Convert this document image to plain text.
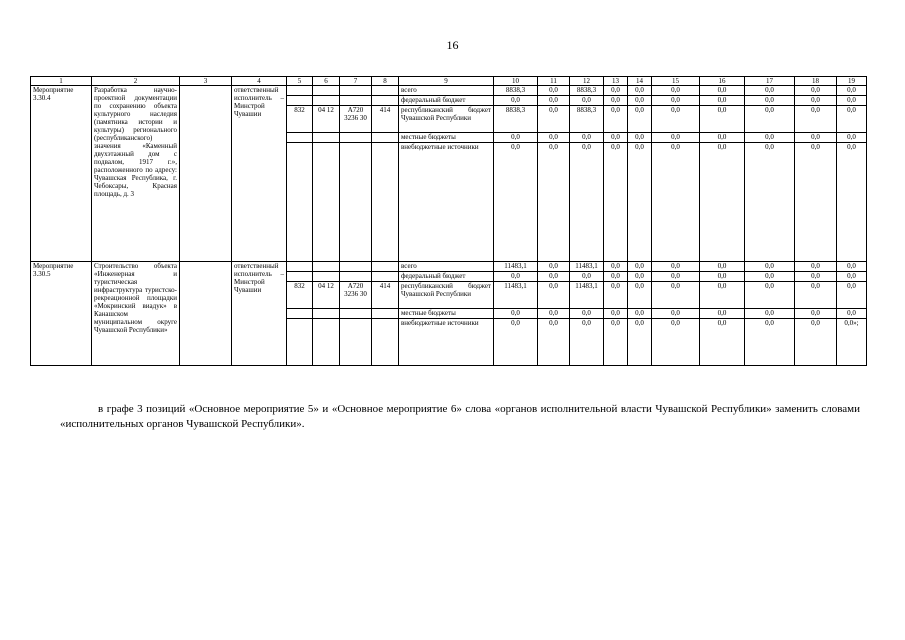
16
1	2	3	4	5	6	7	8	9	10	11	12	13	14	15	16	17	18	19
Мероприятие 3.30.4	Разработка научно-проектной документации по сохранению объекта культурного наследия (памятника истории и культуры) регионального (республиканского) значения «Каменный двухэтажный дом с подвалом, 1917 г.», расположенного по адресу: Чувашская Республика, г. Чебоксары, Красная площадь, д. 3		ответственный исполнитель – Минстрой Чувашии					всего	8838,3	0,0	8838,3	0,0	0,0	0,0	0,0	0,0	0,0	0,0
								федеральный бюджет	0,0	0,0	0,0	0,0	0,0	0,0	0,0	0,0	0,0	0,0
				832	04 12	А720 3236 30	414	республиканский бюджет Чувашской Республики	8838,3	0,0	8838,3	0,0	0,0	0,0	0,0	0,0	0,0	0,0
								местные бюджеты	0,0	0,0	0,0	0,0	0,0	0,0	0,0	0,0	0,0	0,0
								внебюджетные источники	0,0	0,0	0,0	0,0	0,0	0,0	0,0	0,0	0,0	0,0
Мероприятие 3.30.5	Строительство объекта «Инженерная и туристическая инфраструктура туристско-рекреационной площадки «Мокринский виадук» в Канашском муниципальном округе Чувашской Республики»		ответственный исполнитель – Минстрой Чувашии					всего	11483,1	0,0	11483,1	0,0	0,0	0,0	0,0	0,0	0,0	0,0
								федеральный бюджет	0,0	0,0	0,0	0,0	0,0	0,0	0,0	0,0	0,0	0,0
				832	04 12	А720 3236 30	414	республиканский бюджет Чувашской Республики	11483,1	0,0	11483,1	0,0	0,0	0,0	0,0	0,0	0,0	0,0
								местные бюджеты	0,0	0,0	0,0	0,0	0,0	0,0	0,0	0,0	0,0	0,0
								внебюджетные источники	0,0	0,0	0,0	0,0	0,0	0,0	0,0	0,0	0,0	0,0»;
в графе 3 позиций «Основное мероприятие 5» и «Основное мероприятие 6» слова «органов исполнительной власти Чувашской Республики» заменить словами «исполнительных органов Чувашской Республики».
